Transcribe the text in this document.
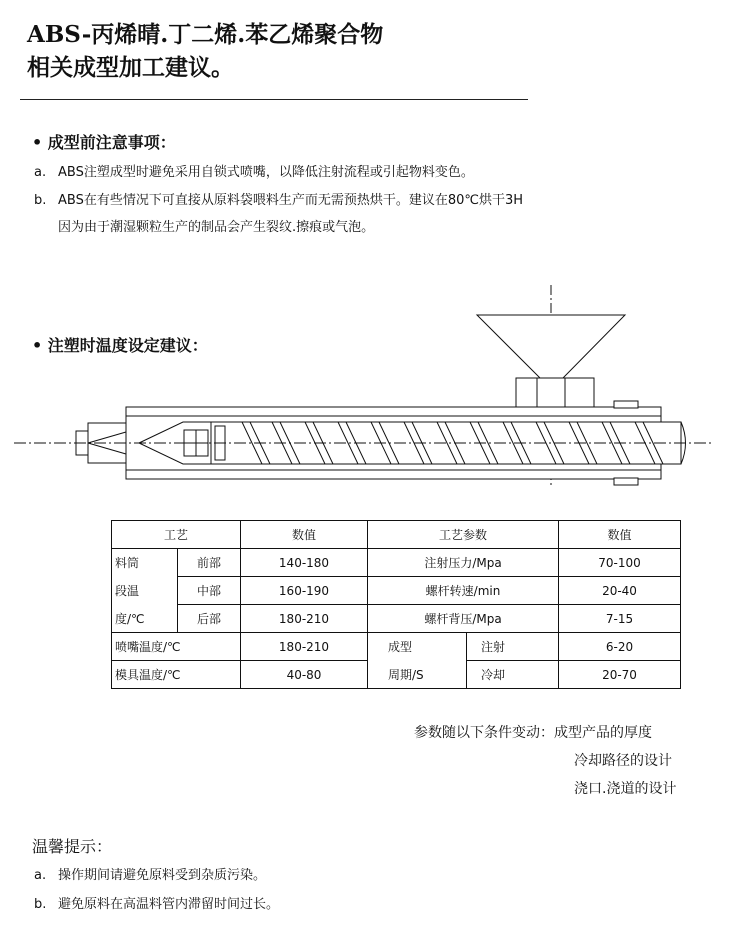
ABS-丙烯晴.丁二烯.苯乙烯聚合物
相关成型加工建议。
• 成型前注意事项：
a. ABS注塑成型时避免采用自锁式喷嘴，以降低注射流程或引起物料变色。
b. ABS在有些情况下可直接从原料袋喂料生产而无需预热烘干。建议在80℃烘干3H
因为由于潮湿颗粒生产的制品会产生裂纹.擦痕或气泡。
• 注塑时温度设定建议：
工艺		数值	工艺参数		数值
料筒	前部	140-180	注射压力/Mpa		70-100
段温	中部	160-190	螺杆转速/min		20-40
度/℃	后部	180-210	螺杆背压/Mpa		7-15
喷嘴温度/℃		180-210	成型	注射	6-20
模具温度/℃		40-80	周期/S	冷却	20-70
参数随以下条件变动：成型产品的厚度
冷却路径的设计
浇口.浇道的设计
温馨提示：
a. 操作期间请避免原料受到杂质污染。
b. 避免原料在高温料管内滞留时间过长。
